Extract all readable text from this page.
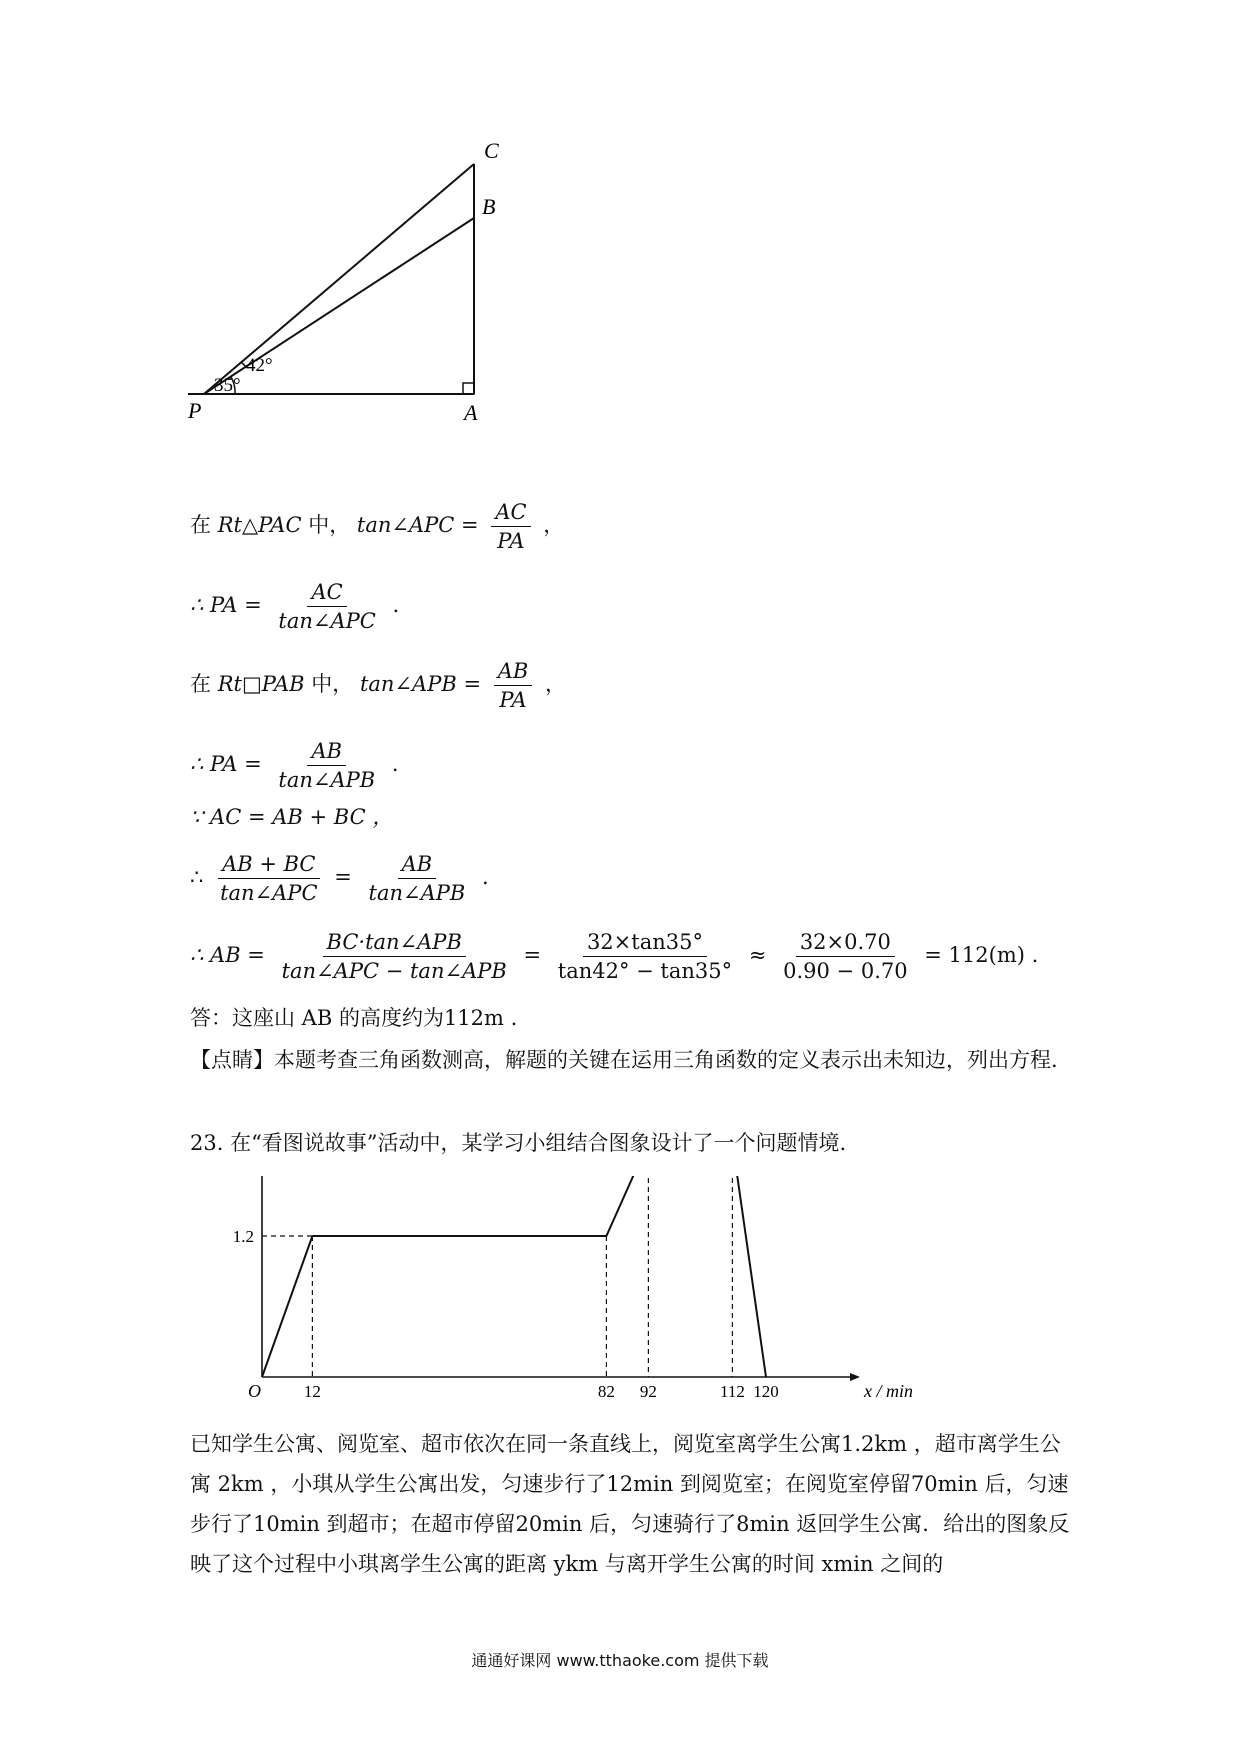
C
B
P	A
35°
42°
在 Rt△PAC 中， tan∠APC = $\frac{AC}{PA}$ ，
∴ PA = $\frac{AC}{\text{tan∠APC}}$ .
在 Rt□PAB 中， tan∠APB = $\frac{AB}{PA}$ ，
∴ PA = $\frac{AB}{\text{tan∠APB}}$ .
∵ AC = AB + BC ，
∴ $\frac{AB + BC}{\text{tan∠APC}} = \frac{AB}{\text{tan∠APB}}$ .
∴ AB = $\frac{\text{BC·tan∠APB}}{\text{tan∠APC − tan∠APB}} = \frac{32\times\tan 35^\circ}{\tan 42^\circ - \tan 35^\circ} \approx \frac{32\times 0.70}{0.90 - 0.70} = 112(m)$ .
答：这座山 AB 的高度约为112m .
【点睛】本题考查三角函数测高，解题的关键在运用三角函数的定义表示出未知边，列出方程.
23. 在“看图说故事”活动中，某学习小组结合图象设计了一个问题情境.
x / min
O	12	82 92	112 120
1.2
已知学生公寓、阅览室、超市依次在同一条直线上，阅览室离学生公寓1.2km ，超市离学生公寓 2km ，小琪从学生公寓出发，匀速步行了12min 到阅览室；在阅览室停留70min 后，匀速步行了10min 到超市；在超市停留20min 后，匀速骑行了8min 返回学生公寓．给出的图象反映了这个过程中小琪离学生公寓的距离 ykm 与离开学生公寓的时间 xmin 之间的
通通好课网 www.tthaoke.com 提供下载
